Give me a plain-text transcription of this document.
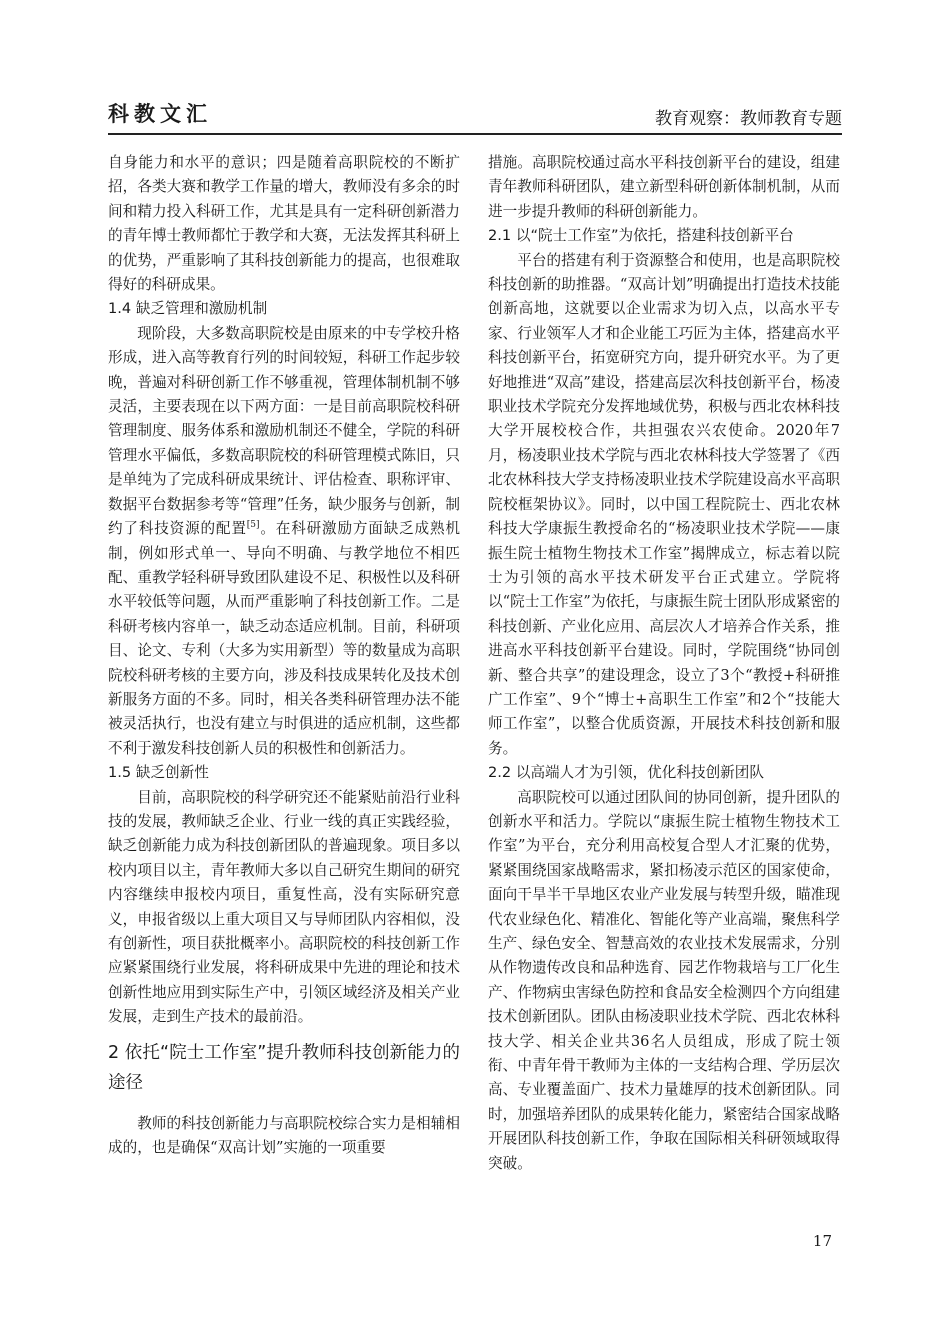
科教文汇	教育观察：教师教育专题

自身能力和水平的意识；四是随着高职院校的不断扩招，各类大赛和教学工作量的增大，教师没有多余的时间和精力投入科研工作，尤其是具有一定科研创新潜力的青年博士教师都忙于教学和大赛，无法发挥其科研上的优势，严重影响了其科技创新能力的提高，也很难取得好的科研成果。

1.4 缺乏管理和激励机制

现阶段，大多数高职院校是由原来的中专学校升格形成，进入高等教育行列的时间较短，科研工作起步较晚，普遍对科研创新工作不够重视，管理体制机制不够灵活，主要表现在以下两方面：一是目前高职院校科研管理制度、服务体系和激励机制还不健全，学院的科研管理水平偏低，多数高职院校的科研管理模式陈旧，只是单纯为了完成科研成果统计、评估检查、职称评审、数据平台数据参考等“管理”任务，缺少服务与创新，制约了科技资源的配置[5]。在科研激励方面缺乏成熟机制，例如形式单一、导向不明确、与教学地位不相匹配、重教学轻科研导致团队建设不足、积极性以及科研水平较低等问题，从而严重影响了科技创新工作。二是科研考核内容单一，缺乏动态适应机制。目前，科研项目、论文、专利（大多为实用新型）等的数量成为高职院校科研考核的主要方向，涉及科技成果转化及技术创新服务方面的不多。同时，相关各类科研管理办法不能被灵活执行，也没有建立与时俱进的适应机制，这些都不利于激发科技创新人员的积极性和创新活力。

1.5 缺乏创新性

目前，高职院校的科学研究还不能紧贴前沿行业科技的发展，教师缺乏企业、行业一线的真正实践经验，缺乏创新能力成为科技创新团队的普遍现象。项目多以校内项目以主，青年教师大多以自己研究生期间的研究内容继续申报校内项目，重复性高，没有实际研究意义，申报省级以上重大项目又与导师团队内容相似，没有创新性，项目获批概率小。高职院校的科技创新工作应紧紧围绕行业发展，将科研成果中先进的理论和技术创新性地应用到实际生产中，引领区域经济及相关产业发展，走到生产技术的最前沿。

2 依托“院士工作室”提升教师科技创新能力的途径

教师的科技创新能力与高职院校综合实力是相辅相成的，也是确保“双高计划”实施的一项重要

措施。高职院校通过高水平科技创新平台的建设，组建青年教师科研团队，建立新型科研创新体制机制，从而进一步提升教师的科研创新能力。

2.1 以“院士工作室”为依托，搭建科技创新平台

平台的搭建有利于资源整合和使用，也是高职院校科技创新的助推器。“双高计划”明确提出打造技术技能创新高地，这就要以企业需求为切入点，以高水平专家、行业领军人才和企业能工巧匠为主体，搭建高水平科技创新平台，拓宽研究方向，提升研究水平。为了更好地推进“双高”建设，搭建高层次科技创新平台，杨凌职业技术学院充分发挥地域优势，积极与西北农林科技大学开展校校合作，共担强农兴农使命。2020年7月，杨凌职业技术学院与西北农林科技大学签署了《西北农林科技大学支持杨凌职业技术学院建设高水平高职院校框架协议》。同时，以中国工程院院士、西北农林科技大学康振生教授命名的“杨凌职业技术学院——康振生院士植物生物技术工作室”揭牌成立，标志着以院士为引领的高水平技术研发平台正式建立。学院将以“院士工作室”为依托，与康振生院士团队形成紧密的科技创新、产业化应用、高层次人才培养合作关系，推进高水平科技创新平台建设。同时，学院围绕“协同创新、整合共享”的建设理念，设立了3个“教授+科研推广工作室”、9个“博士+高职生工作室”和2个“技能大师工作室”，以整合优质资源，开展技术科技创新和服务。

2.2 以高端人才为引领，优化科技创新团队

高职院校可以通过团队间的协同创新，提升团队的创新水平和活力。学院以“康振生院士植物生物技术工作室”为平台，充分利用高校复合型人才汇聚的优势，紧紧围绕国家战略需求，紧扣杨凌示范区的国家使命，面向干旱半干旱地区农业产业发展与转型升级，瞄准现代农业绿色化、精准化、智能化等产业高端，聚焦科学生产、绿色安全、智慧高效的农业技术发展需求，分别从作物遗传改良和品种选育、园艺作物栽培与工厂化生产、作物病虫害绿色防控和食品安全检测四个方向组建技术创新团队。团队由杨凌职业技术学院、西北农林科技大学、相关企业共36名人员组成，形成了院士领衔、中青年骨干教师为主体的一支结构合理、学历层次高、专业覆盖面广、技术力量雄厚的技术创新团队。同时，加强培养团队的成果转化能力，紧密结合国家战略开展团队科技创新工作，争取在国际相关科研领域取得突破。

17
